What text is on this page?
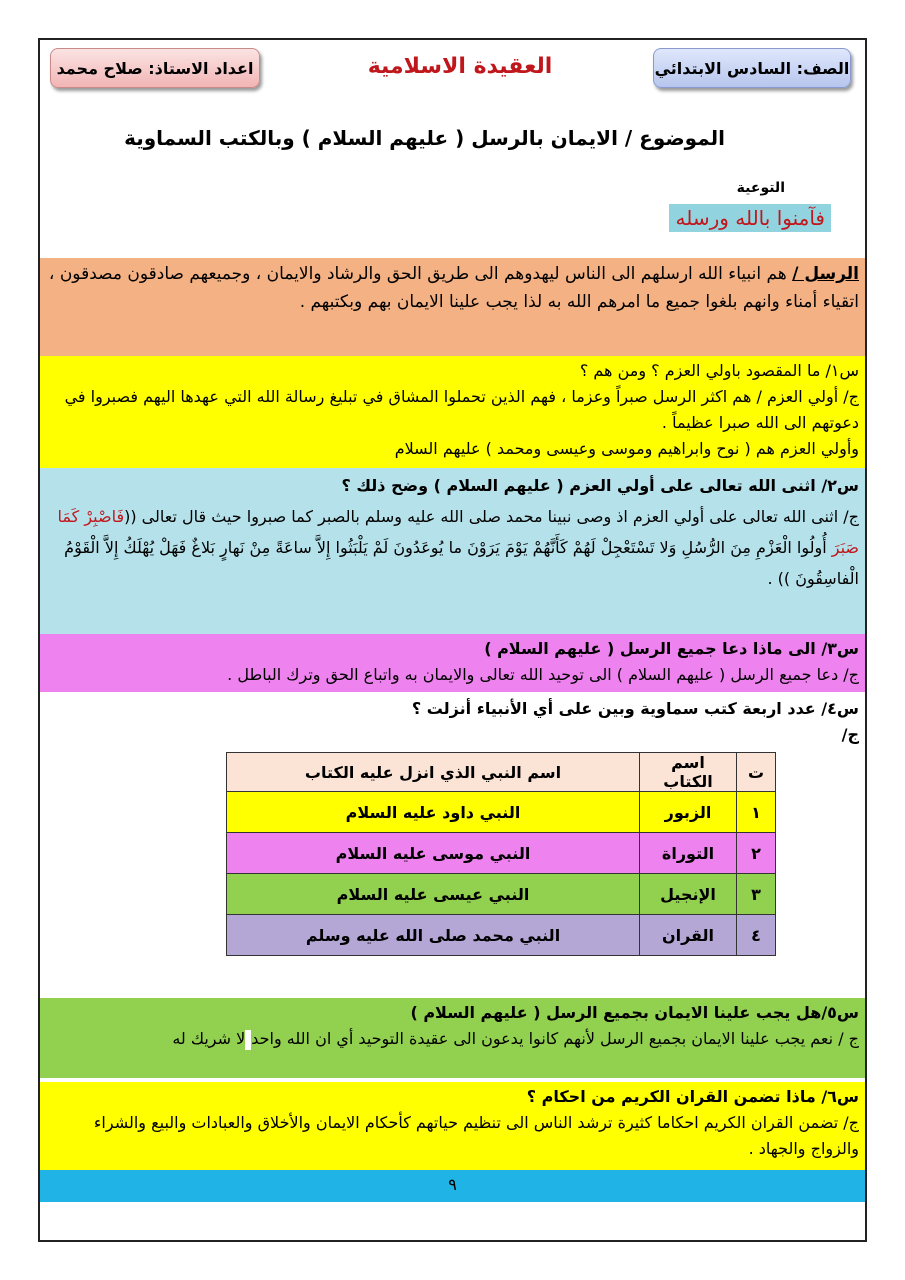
الصف: السادس الابتدائي
العقيدة الاسلامية
اعداد الاستاذ: صلاح محمد
الموضوع / الايمان بالرسل ( عليهم السلام ) وبالكتب السماوية
التوعية
فآمنوا بالله ورسله
الرسل / هم انبياء الله ارسلهم الى الناس ليهدوهم الى طريق الحق والرشاد والايمان ، وجميعهم صادقون مصدقون ، اتقياء أمناء وانهم بلغوا جميع ما امرهم الله به لذا يجب علينا الايمان بهم وبكتبهم .
س١/ ما المقصود باولي العزم ؟ ومن هم ؟
ج/ أولي العزم / هم اكثر الرسل صبراً وعزما ، فهم الذين تحملوا المشاق في تبليغ رسالة الله التي عهدها اليهم فصبروا في دعوتهم الى الله صبرا عظيماً .
وأولي العزم هم ( نوح وابراهيم وموسى وعيسى ومحمد ) عليهم السلام
س٢/ اثنى الله تعالى على أولي العزم ( عليهم السلام ) وضح ذلك ؟
ج/ اثنى الله تعالى على أولي العزم اذ وصى نبينا محمد صلى الله عليه وسلم بالصبر كما صبروا حيث قال تعالى ((فَاصْبِرْ كَمَا صَبَرَ أُولُوا الْعَزْمِ مِنَ الرُّسُلِ وَلا تَسْتَعْجِلْ لَهُمْ كَأَنَّهُمْ يَوْمَ يَرَوْنَ ما يُوعَدُونَ لَمْ يَلْبَثُوا إِلاَّ ساعَةً مِنْ نَهارٍ بَلاغٌ فَهَلْ يُهْلَكُ إِلاَّ الْقَوْمُ الْفاسِقُونَ )) .
س٣/ الى ماذا دعا جميع الرسل ( عليهم السلام )
ج/ دعا جميع الرسل ( عليهم السلام ) الى توحيد الله تعالى والايمان به واتباع الحق وترك الباطل .
س٤/ عدد اربعة كتب سماوية وبين على أي الأنبياء أنزلت ؟
ج/
ت	اسم الكتاب	اسم النبي الذي انزل عليه الكتاب
١	الزبور	النبي داود عليه السلام
٢	التوراة	النبي موسى عليه السلام
٣	الإنجيل	النبي عيسى عليه السلام
٤	القران	النبي محمد صلى الله عليه وسلم
س٥/هل يجب علينا الايمان بجميع الرسل ( عليهم السلام )
ج / نعم يجب علينا الايمان بجميع الرسل لأنهم كانوا يدعون الى عقيدة التوحيد أي ان الله واحدلا شريك له
س٦/ ماذا تضمن القران الكريم من احكام ؟
ج/ تضمن القران الكريم احكاما كثيرة ترشد الناس الى تنظيم حياتهم كأحكام الايمان والأخلاق والعبادات والبيع والشراء والزواج والجهاد .
٩
